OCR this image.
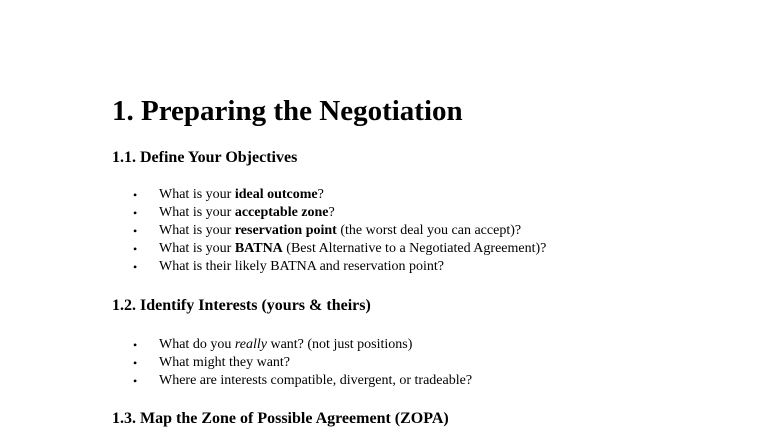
1. Preparing the Negotiation
1.1. Define Your Objectives
• What is your ideal outcome?
• What is your acceptable zone?
• What is your reservation point (the worst deal you can accept)?
• What is your BATNA (Best Alternative to a Negotiated Agreement)?
• What is their likely BATNA and reservation point?
1.2. Identify Interests (yours & theirs)
• What do you really want? (not just positions)
• What might they want?
• Where are interests compatible, divergent, or tradeable?
1.3. Map the Zone of Possible Agreement (ZOPA)
